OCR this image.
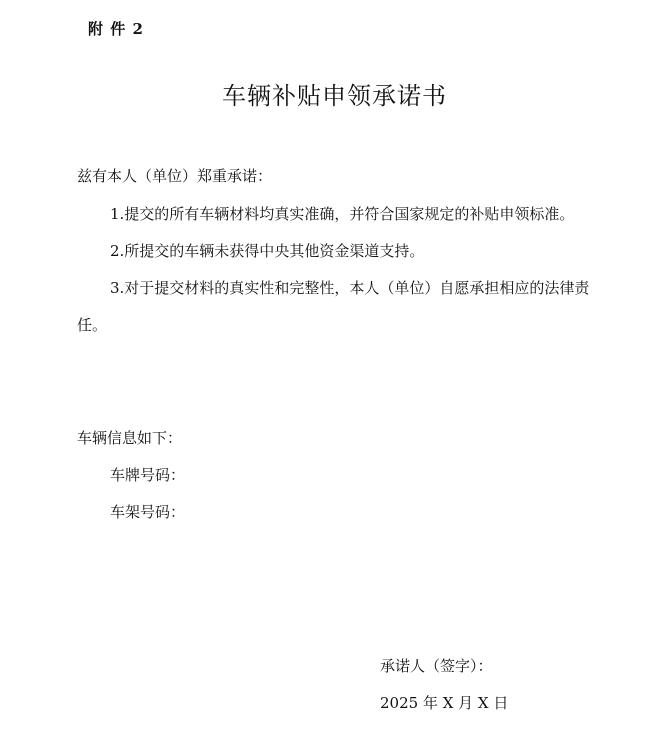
附 件 2
车辆补贴申领承诺书
兹有本人（单位）郑重承诺：
1.提交的所有车辆材料均真实准确，并符合国家规定的补贴申领标准。
2.所提交的车辆未获得中央其他资金渠道支持。
3.对于提交材料的真实性和完整性，本人（单位）自愿承担相应的法律责任。
车辆信息如下：
车牌号码：
车架号码：
承诺人（签字）：
2025 年 X 月 X 日
